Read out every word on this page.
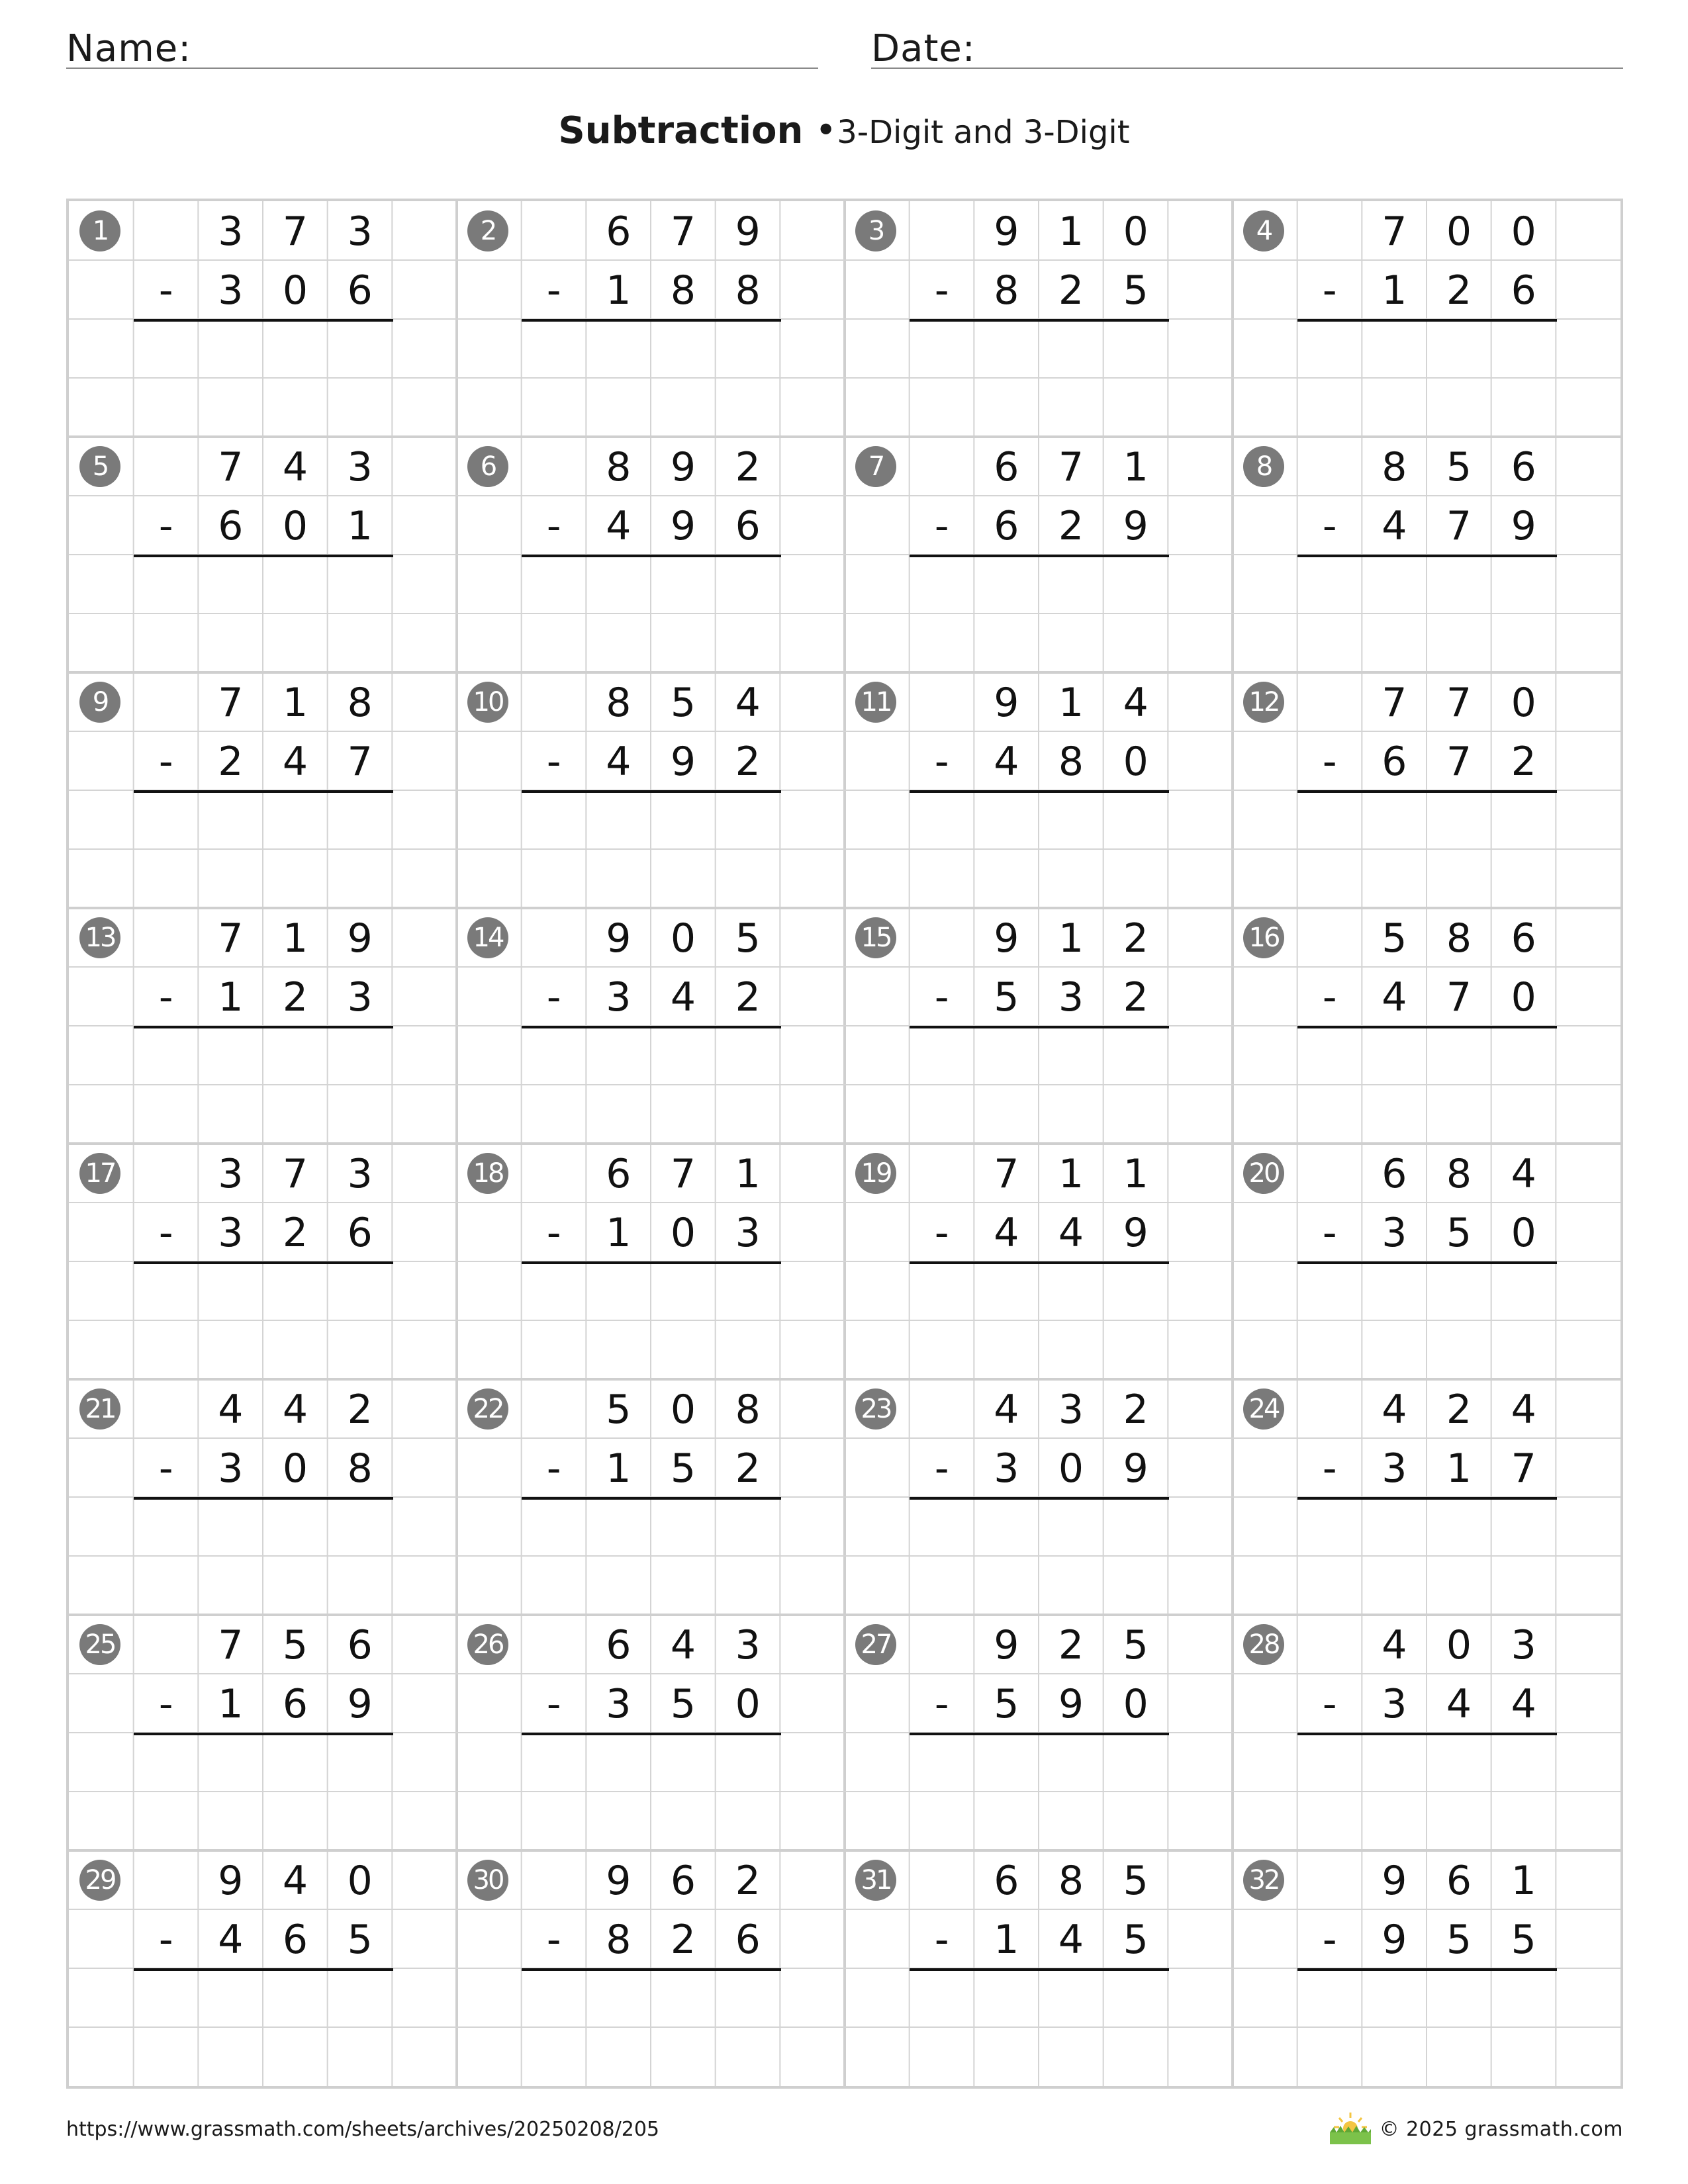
Name:	Date:
Subtraction •3-Digit and 3-Digit
1	3 7 3
-	3 0 6
2	6 7 9
-	1 8 8
3	9 1 0
-	8 2 5
4	7 0 0
-	1 2 6
5	7 4 3
-	6 0 1
6	8 9 2
-	4 9 6
7	6 7 1
-	6 2 9
8	8 5 6
-	4 7 9
9	7 1 8
-	2 4 7
10	8 5 4
-	4 9 2
11	9 1 4
-	4 8 0
12	7 7 0
-	6 7 2
13	7 1 9
-	1 2 3
14	9 0 5
-	3 4 2
15	9 1 2
-	5 3 2
16	5 8 6
-	4 7 0
17	3 7 3
-	3 2 6
18	6 7 1
-	1 0 3
19	7 1 1
-	4 4 9
20	6 8 4
-	3 5 0
21	4 4 2
-	3 0 8
22	5 0 8
-	1 5 2
23	4 3 2
-	3 0 9
24	4 2 4
-	3 1 7
25	7 5 6
-	1 6 9
26	6 4 3
-	3 5 0
27	9 2 5
-	5 9 0
28	4 0 3
-	3 4 4
29	9 4 0
-	4 6 5
30	9 6 2
-	8 2 6
31	6 8 5
-	1 4 5
32	9 6 1
-	9 5 5
https://www.grassmath.com/sheets/archives/20250208/205	© 2025 grassmath.com
